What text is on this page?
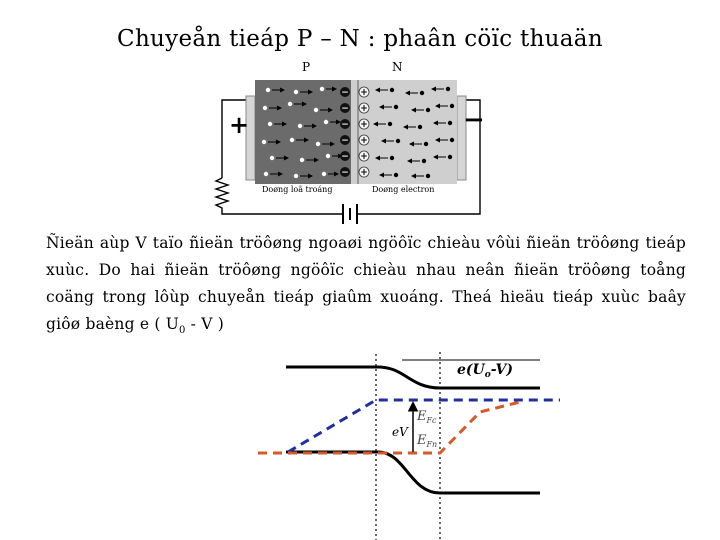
Chuyeån tieáp P – N : phaân cöïc thuaän
P	N
+	−
−
−
−
−
−
−
+
+
+
+
+
+
Doøng loã troáng	Doøng electron
Ñieän aùp V taïo ñieän tröôøng ngoaøi ngöôïc chieàu vôùi ñieän tröôøng tieáp xuùc. Do hai ñieän tröôøng ngöôïc chieàu nhau neân ñieän tröôøng toång coäng trong lôùp chuyeån tieáp giaûm xuoáng. Theá hieäu tieáp xuùc baây giôø baèng e ( $U_0$ - V )
eV
$E_{Fc}$
$E_{Fn}$
$e(U_o-V)$
